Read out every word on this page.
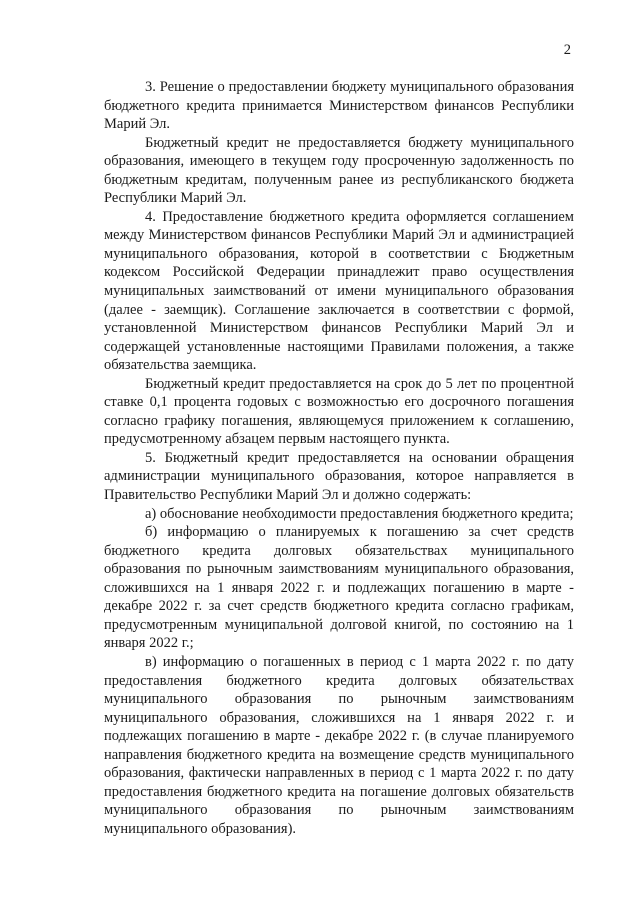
2

3. Решение о предоставлении бюджету муниципального образования бюджетного кредита принимается Министерством финансов Республики Марий Эл.

Бюджетный кредит не предоставляется бюджету муниципального образования, имеющего в текущем году просроченную задолженность по бюджетным кредитам, полученным ранее из республиканского бюджета Республики Марий Эл.

4. Предоставление бюджетного кредита оформляется соглашением между Министерством финансов Республики Марий Эл и администрацией муниципального образования, которой в соответствии с Бюджетным кодексом Российской Федерации принадлежит право осуществления муниципальных заимствований от имени муниципального образования (далее - заемщик). Соглашение заключается в соответствии с формой, установленной Министерством финансов Республики Марий Эл и содержащей установленные настоящими Правилами положения, а также обязательства заемщика.

Бюджетный кредит предоставляется на срок до 5 лет по процентной ставке 0,1 процента годовых с возможностью его досрочного погашения согласно графику погашения, являющемуся приложением к соглашению, предусмотренному абзацем первым настоящего пункта.

5. Бюджетный кредит предоставляется на основании обращения администрации муниципального образования, которое направляется в Правительство Республики Марий Эл и должно содержать:

а) обоснование необходимости предоставления бюджетного кредита;

б) информацию о планируемых к погашению за счет средств бюджетного кредита долговых обязательствах муниципального образования по рыночным заимствованиям муниципального образования, сложившихся на 1 января 2022 г. и подлежащих погашению в марте - декабре 2022 г. за счет средств бюджетного кредита согласно графикам, предусмотренным муниципальной долговой книгой, по состоянию на 1 января 2022 г.;

в) информацию о погашенных в период с 1 марта 2022 г. по дату предоставления бюджетного кредита долговых обязательствах муниципального образования по рыночным заимствованиям муниципального образования, сложившихся на 1 января 2022 г. и подлежащих погашению в марте - декабре 2022 г. (в случае планируемого направления бюджетного кредита на возмещение средств муниципального образования, фактически направленных в период с 1 марта 2022 г. по дату предоставления бюджетного кредита на погашение долговых обязательств муниципального образования по рыночным заимствованиям муниципального образования).
